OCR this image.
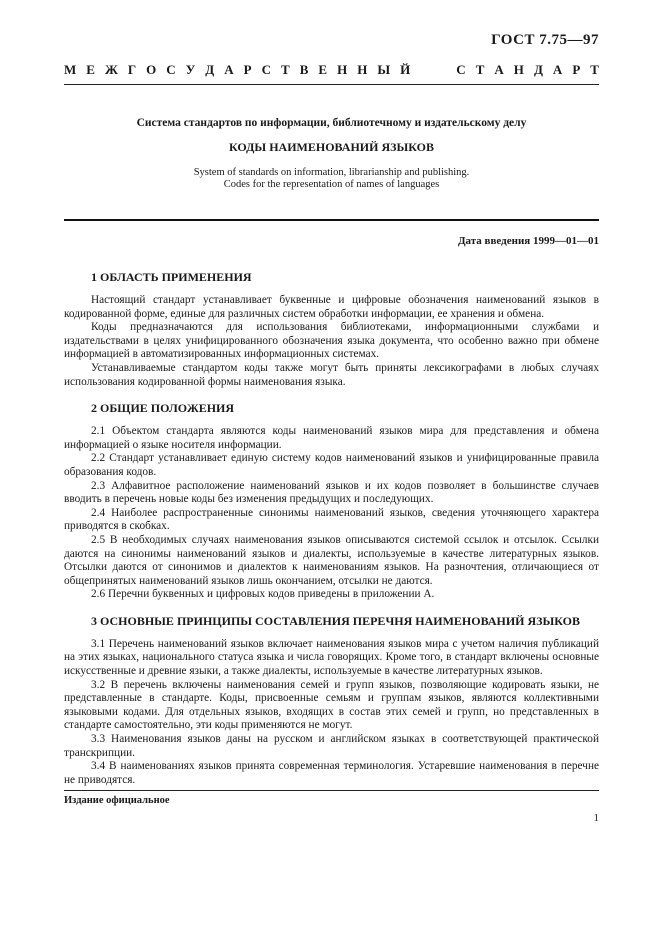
ГОСТ 7.75—97
М Е Ж Г О С У Д А Р С Т В Е Н Н Ы Й	С Т А Н Д А Р Т
Система стандартов по информации, библиотечному и издательскому делу
КОДЫ НАИМЕНОВАНИЙ ЯЗЫКОВ
System of standards on information, librarianship and publishing.
Codes for the representation of names of languages
Дата введения 1999—01—01
1 ОБЛАСТЬ ПРИМЕНЕНИЯ

Настоящий стандарт устанавливает буквенные и цифровые обозначения наименований языков в кодированной форме, единые для различных систем обработки информации, ее хранения и обмена.

Коды предназначаются для использования библиотеками, информационными службами и издательствами в целях унифицированного обозначения языка документа, что особенно важно при обмене информацией в автоматизированных информационных системах.

Устанавливаемые стандартом коды также могут быть приняты лексикографами в любых случаях использования кодированной формы наименования языка.

2 ОБЩИЕ ПОЛОЖЕНИЯ

2.1 Объектом стандарта являются коды наименований языков мира для представления и обмена информацией о языке носителя информации.

2.2 Стандарт устанавливает единую систему кодов наименований языков и унифицированные правила образования кодов.

2.3 Алфавитное расположение наименований языков и их кодов позволяет в большинстве случаев вводить в перечень новые коды без изменения предыдущих и последующих.

2.4 Наиболее распространенные синонимы наименований языков, сведения уточняющего характера приводятся в скобках.

2.5 В необходимых случаях наименования языков описываются системой ссылок и отсылок. Ссылки даются на синонимы наименований языков и диалекты, используемые в качестве литературных языков. Отсылки даются от синонимов и диалектов к наименованиям языков. На разночтения, отличающиеся от общепринятых наименований языков лишь окончанием, отсылки не даются.

2.6 Перечни буквенных и цифровых кодов приведены в приложении А.

3 ОСНОВНЫЕ ПРИНЦИПЫ СОСТАВЛЕНИЯ ПЕРЕЧНЯ НАИМЕНОВАНИЙ ЯЗЫКОВ

3.1 Перечень наименований языков включает наименования языков мира с учетом наличия публикаций на этих языках, национального статуса языка и числа говорящих. Кроме того, в стандарт включены основные искусственные и древние языки, а также диалекты, используемые в качестве литературных языков.

3.2 В перечень включены наименования семей и групп языков, позволяющие кодировать языки, не представленные в стандарте. Коды, присвоенные семьям и группам языков, являются коллективными языковыми кодами. Для отдельных языков, входящих в состав этих семей и групп, но представленных в стандарте самостоятельно, эти коды применяются не могут.

3.3 Наименования языков даны на русском и английском языках в соответствующей практической транскрипции.

3.4 В наименованиях языков принята современная терминология. Устаревшие наименования в перечне не приводятся.

Издание официальное
1
